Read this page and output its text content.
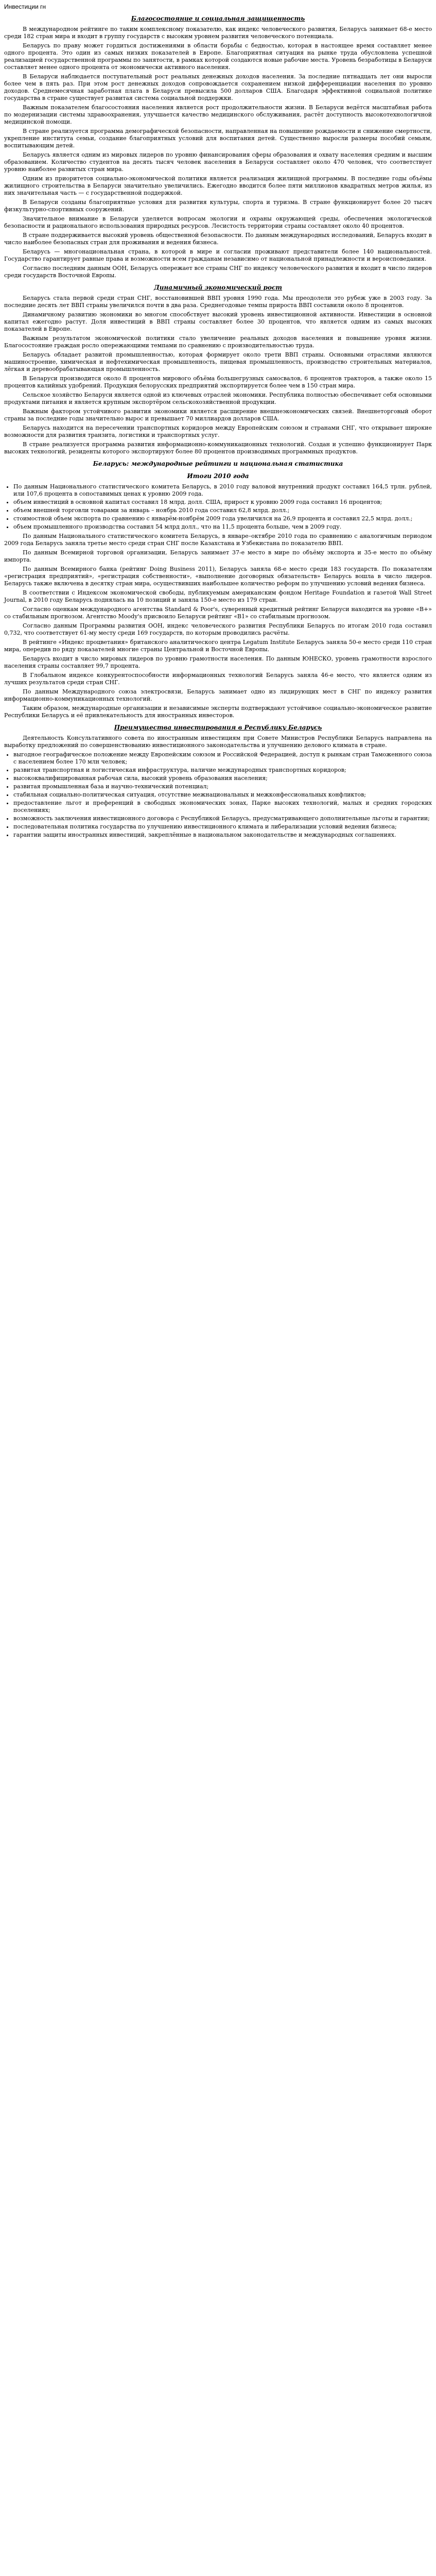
Инвестиции гн
Благосостояние и социальная защищенность

В международном рейтинге по таким комплексному показателю, как индекс человеческого развития, Беларусь занимает 68-е место среди 182 стран мира и входит в группу государств с высоким уровнем развития человеческого потенциала.

Беларусь по праву может гордиться достижениями в области борьбы с бедностью, которая в настоящее время составляет менее одного процента. Это один из самых низких показателей в Европе. Благоприятная ситуация на рынке труда обусловлена успешной реализацией государственной программы по занятости, в рамках которой создаются новые рабочие места. Уровень безработицы в Беларуси составляет менее одного процента от экономически активного населения.

В Беларуси наблюдается поступательный рост реальных денежных доходов населения. За последние пятнадцать лет они выросли более чем в пять раз. При этом рост денежных доходов сопровождается сохранением низкой дифференциации населения по уровню доходов. Среднемесячная заработная плата в Беларуси превысила 500 долларов США. Благодаря эффективной социальной политике государства в стране существует развитая система социальной поддержки.

Важным показателем благосостояния населения является рост продолжительности жизни. В Беларуси ведётся масштабная работа по модернизации системы здравоохранения, улучшается качество медицинского обслуживания, растёт доступность высокотехнологичной медицинской помощи.

В стране реализуется программа демографической безопасности, направленная на повышение рождаемости и снижение смертности, укрепление института семьи, создание благоприятных условий для воспитания детей. Существенно выросли размеры пособий семьям, воспитывающим детей.

Беларусь является одним из мировых лидеров по уровню финансирования сферы образования и охвату населения средним и высшим образованием. Количество студентов на десять тысяч человек населения в Беларуси составляет около 470 человек, что соответствует уровню наиболее развитых стран мира.

Одним из приоритетов социально-экономической политики является реализация жилищной программы. В последние годы объёмы жилищного строительства в Беларуси значительно увеличились. Ежегодно вводится более пяти миллионов квадратных метров жилья, из них значительная часть — с государственной поддержкой.

В Беларуси созданы благоприятные условия для развития культуры, спорта и туризма. В стране функционирует более 20 тысяч физкультурно-спортивных сооружений.

Значительное внимание в Беларуси уделяется вопросам экологии и охраны окружающей среды, обеспечения экологической безопасности и рационального использования природных ресурсов. Лесистость территории страны составляет около 40 процентов.

В стране поддерживается высокий уровень общественной безопасности. По данным международных исследований, Беларусь входит в число наиболее безопасных стран для проживания и ведения бизнеса.

Беларусь — многонациональная страна, в которой в мире и согласии проживают представители более 140 национальностей. Государство гарантирует равные права и возможности всем гражданам независимо от национальной принадлежности и вероисповедания.

Согласно последним данным ООН, Беларусь опережает все страны СНГ по индексу человеческого развития и входит в число лидеров среди государств Восточной Европы.

Динамичный экономический рост

Беларусь стала первой среди стран СНГ, восстановившей ВВП уровня 1990 года. Мы преодолели это рубеж уже в 2003 году. За последние десять лет ВВП страны увеличился почти в два раза. Среднегодовые темпы прироста ВВП составили около 8 процентов.

Динамичному развитию экономики во многом способствует высокий уровень инвестиционной активности. Инвестиции в основной капитал ежегодно растут. Доля инвестиций в ВВП страны составляет более 30 процентов, что является одним из самых высоких показателей в Европе.

Важным результатом экономической политики стало увеличение реальных доходов населения и повышение уровня жизни. Благосостояние граждан росло опережающими темпами по сравнению с производительностью труда.

Беларусь обладает развитой промышленностью, которая формирует около трети ВВП страны. Основными отраслями являются машиностроение, химическая и нефтехимическая промышленность, пищевая промышленность, производство строительных материалов, лёгкая и деревообрабатывающая промышленность.

В Беларуси производится около 8 процентов мирового объёма большегрузных самосвалов, 6 процентов тракторов, а также около 15 процентов калийных удобрений. Продукция белорусских предприятий экспортируется более чем в 150 стран мира.

Сельское хозяйство Беларуси является одной из ключевых отраслей экономики. Республика полностью обеспечивает себя основными продуктами питания и является крупным экспортёром сельскохозяйственной продукции.

Важным фактором устойчивого развития экономики является расширение внешнеэкономических связей. Внешнеторговый оборот страны за последние годы значительно вырос и превышает 70 миллиардов долларов США.

Беларусь находится на пересечении транспортных коридоров между Европейским союзом и странами СНГ, что открывает широкие возможности для развития транзита, логистики и транспортных услуг.

В стране реализуется программа развития информационно-коммуникационных технологий. Создан и успешно функционирует Парк высоких технологий, резиденты которого экспортируют более 80 процентов производимых программных продуктов.

Беларусь: международные рейтинги и национальная статистика
Итоги 2010 года
• По данным Национального статистического комитета Беларусь, в 2010 году валовой внутренний продукт составил 164,5 трлн. рублей, или 107,6 процента в сопоставимых ценах к уровню 2009 года.
• объем инвестиций в основной капитал составил 18 млрд. долл. США, прирост к уровню 2009 года составил 16 процентов;
• объем внешней торговли товарами за январь – ноябрь 2010 года составил 62,8 млрд. долл.;
• стоимостной объем экспорта по сравнению с январём-ноябрём 2009 года увеличился на 26,9 процента и составил 22,5 млрд. долл.;
• объем промышленного производства составил 54 млрд долл., что на 11,5 процента больше, чем в 2009 году.

По данным Национального статистического комитета Беларусь, в январе–октябре 2010 года по сравнению с аналогичным периодом 2009 года Беларусь заняла третье место среди стран СНГ после Казахстана и Узбекистана по показателю ВВП.

По данным Всемирной торговой организации, Беларусь занимает 37-е место в мире по объёму экспорта и 35-е место по объёму импорта.

По данным Всемирного банка (рейтинг Doing Business 2011), Беларусь заняла 68-е место среди 183 государств. По показателям «регистрация предприятий», «регистрация собственности», «выполнение договорных обязательств» Беларусь вошла в число лидеров. Беларусь также включена в десятку стран мира, осуществивших наибольшее количество реформ по улучшению условий ведения бизнеса.

В соответствии с Индексом экономической свободы, публикуемым американским фондом Heritage Foundation и газетой Wall Street Journal, в 2010 году Беларусь поднялась на 10 позиций и заняла 150-е место из 179 стран.

Согласно оценкам международного агентства Standard & Poor's, суверенный кредитный рейтинг Беларуси находится на уровне «B+» со стабильным прогнозом. Агентство Moody's присвоило Беларуси рейтинг «B1» со стабильным прогнозом.

Согласно данным Программы развития ООН, индекс человеческого развития Республики Беларусь по итогам 2010 года составил 0,732, что соответствует 61-му месту среди 169 государств, по которым проводились расчёты.

В рейтинге «Индекс процветания» британского аналитического центра Legatum Institute Беларусь заняла 50-е место среди 110 стран мира, опередив по ряду показателей многие страны Центральной и Восточной Европы.

Беларусь входит в число мировых лидеров по уровню грамотности населения. По данным ЮНЕСКО, уровень грамотности взрослого населения страны составляет 99,7 процента.

В Глобальном индексе конкурентоспособности информационных технологий Беларусь заняла 46-е место, что является одним из лучших результатов среди стран СНГ.

По данным Международного союза электросвязи, Беларусь занимает одно из лидирующих мест в СНГ по индексу развития информационно-коммуникационных технологий.

Таким образом, международные организации и независимые эксперты подтверждают устойчивое социально-экономическое развитие Республики Беларусь и её привлекательность для иностранных инвесторов.

Преимущества инвестирования в Республику Беларусь

Деятельность Консультативного совета по иностранным инвестициям при Совете Министров Республики Беларусь направлена на выработку предложений по совершенствованию инвестиционного законодательства и улучшению делового климата в стране.

• выгодное географическое положение между Европейским союзом и Российской Федерацией, доступ к рынкам стран Таможенного союза с населением более 170 млн человек;
• развитая транспортная и логистическая инфраструктура, наличие международных транспортных коридоров;
• высококвалифицированная рабочая сила, высокий уровень образования населения;
• развитая промышленная база и научно-технический потенциал;
• стабильная социально-политическая ситуация, отсутствие межнациональных и межконфессиональных конфликтов;
• предоставление льгот и преференций в свободных экономических зонах, Парке высоких технологий, малых и средних городских поселениях;
• возможность заключения инвестиционного договора с Республикой Беларусь, предусматривающего дополнительные льготы и гарантии;
• последовательная политика государства по улучшению инвестиционного климата и либерализации условий ведения бизнеса;
• гарантии защиты иностранных инвестиций, закреплённые в национальном законодательстве и международных соглашениях.
